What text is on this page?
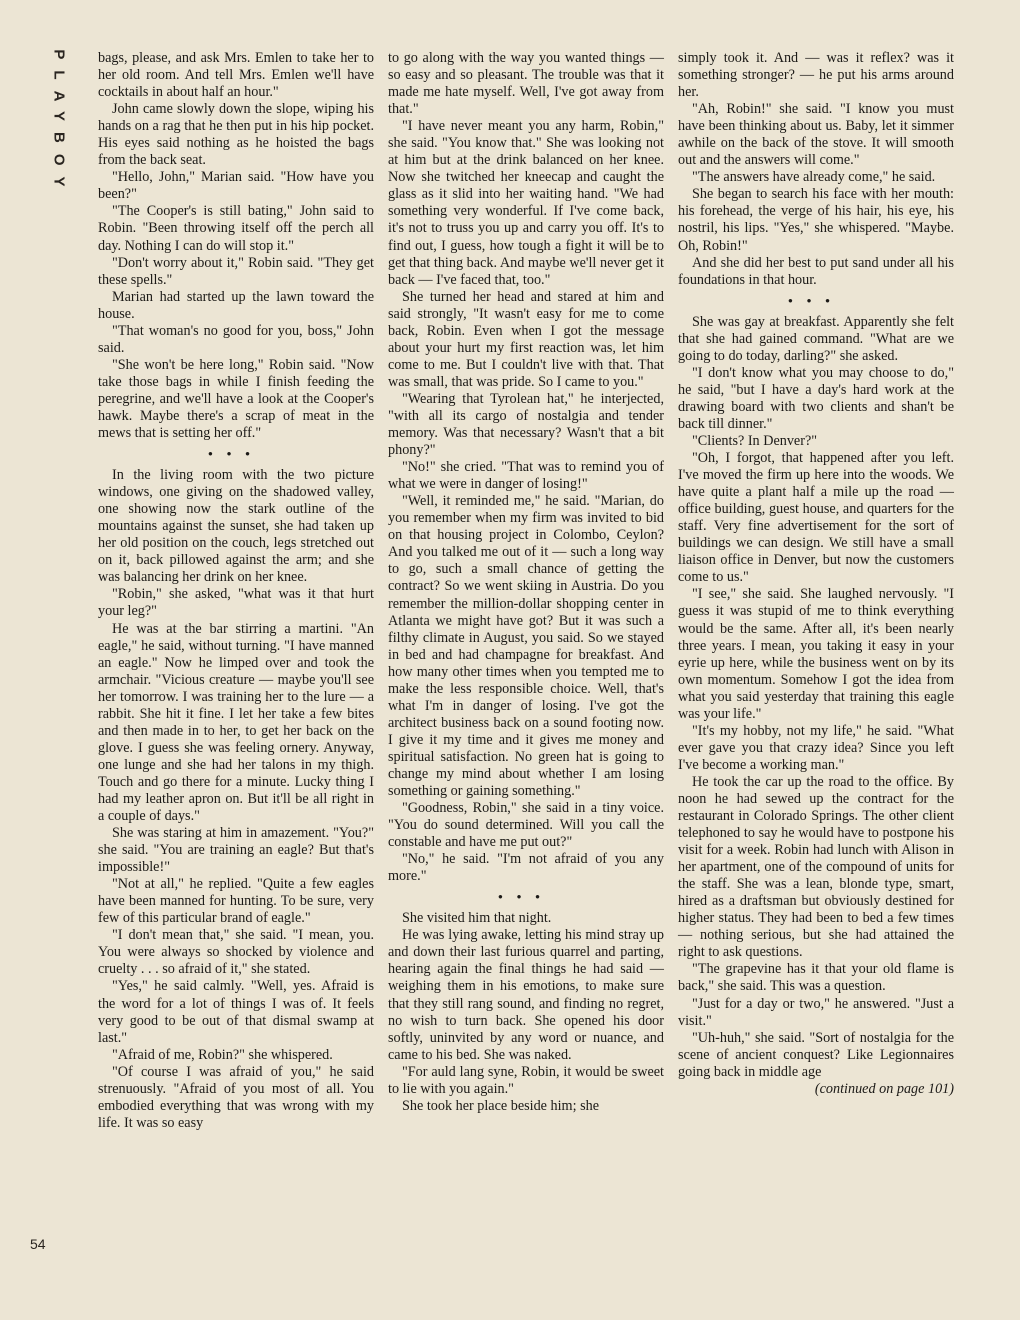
PLAYBOY
54

bags, please, and ask Mrs. Emlen to take her to her old room. And tell Mrs. Emlen we'll have cocktails in about half an hour."

John came slowly down the slope, wiping his hands on a rag that he then put in his hip pocket. His eyes said nothing as he hoisted the bags from the back seat.

"Hello, John," Marian said. "How have you been?"

"The Cooper's is still bating," John said to Robin. "Been throwing itself off the perch all day. Nothing I can do will stop it."

"Don't worry about it," Robin said. "They get these spells."

Marian had started up the lawn toward the house.

"That woman's no good for you, boss," John said.

"She won't be here long," Robin said. "Now take those bags in while I finish feeding the peregrine, and we'll have a look at the Cooper's hawk. Maybe there's a scrap of meat in the mews that is setting her off."

•••

In the living room with the two picture windows, one giving on the shadowed valley, one showing now the stark outline of the mountains against the sunset, she had taken up her old position on the couch, legs stretched out on it, back pillowed against the arm; and she was balancing her drink on her knee.

"Robin," she asked, "what was it that hurt your leg?"

He was at the bar stirring a martini. "An eagle," he said, without turning. "I have manned an eagle." Now he limped over and took the armchair. "Vicious creature — maybe you'll see her tomorrow. I was training her to the lure — a rabbit. She hit it fine. I let her take a few bites and then made in to her, to get her back on the glove. I guess she was feeling ornery. Anyway, one lunge and she had her talons in my thigh. Touch and go there for a minute. Lucky thing I had my leather apron on. But it'll be all right in a couple of days."

She was staring at him in amazement. "You?" she said. "You are training an eagle? But that's impossible!"

"Not at all," he replied. "Quite a few eagles have been manned for hunting. To be sure, very few of this particular brand of eagle."

"I don't mean that," she said. "I mean, you. You were always so shocked by violence and cruelty . . . so afraid of it," she stated.

"Yes," he said calmly. "Well, yes. Afraid is the word for a lot of things I was of. It feels very good to be out of that dismal swamp at last."

"Afraid of me, Robin?" she whispered.

"Of course I was afraid of you," he said strenuously. "Afraid of you most of all. You embodied everything that was wrong with my life. It was so easy

to go along with the way you wanted things — so easy and so pleasant. The trouble was that it made me hate myself. Well, I've got away from that."

"I have never meant you any harm, Robin," she said. "You know that." She was looking not at him but at the drink balanced on her knee. Now she twitched her kneecap and caught the glass as it slid into her waiting hand. "We had something very wonderful. If I've come back, it's not to truss you up and carry you off. It's to find out, I guess, how tough a fight it will be to get that thing back. And maybe we'll never get it back — I've faced that, too."

She turned her head and stared at him and said strongly, "It wasn't easy for me to come back, Robin. Even when I got the message about your hurt my first reaction was, let him come to me. But I couldn't live with that. That was small, that was pride. So I came to you."

"Wearing that Tyrolean hat," he interjected, "with all its cargo of nostalgia and tender memory. Was that necessary? Wasn't that a bit phony?"

"No!" she cried. "That was to remind you of what we were in danger of losing!"

"Well, it reminded me," he said. "Marian, do you remember when my firm was invited to bid on that housing project in Colombo, Ceylon? And you talked me out of it — such a long way to go, such a small chance of getting the contract? So we went skiing in Austria. Do you remember the million-dollar shopping center in Atlanta we might have got? But it was such a filthy climate in August, you said. So we stayed in bed and had champagne for breakfast. And how many other times when you tempted me to make the less responsible choice. Well, that's what I'm in danger of losing. I've got the architect business back on a sound footing now. I give it my time and it gives me money and spiritual satisfaction. No green hat is going to change my mind about whether I am losing something or gaining something."

"Goodness, Robin," she said in a tiny voice. "You do sound determined. Will you call the constable and have me put out?"

"No," he said. "I'm not afraid of you any more."

•••

She visited him that night.

He was lying awake, letting his mind stray up and down their last furious quarrel and parting, hearing again the final things he had said — weighing them in his emotions, to make sure that they still rang sound, and finding no regret, no wish to turn back. She opened his door softly, uninvited by any word or nuance, and came to his bed. She was naked.

"For auld lang syne, Robin, it would be sweet to lie with you again."

She took her place beside him; she

simply took it. And — was it reflex? was it something stronger? — he put his arms around her.

"Ah, Robin!" she said. "I know you must have been thinking about us. Baby, let it simmer awhile on the back of the stove. It will smooth out and the answers will come."

"The answers have already come," he said.

She began to search his face with her mouth: his forehead, the verge of his hair, his eye, his nostril, his lips. "Yes," she whispered. "Maybe. Oh, Robin!"

And she did her best to put sand under all his foundations in that hour.

•••

She was gay at breakfast. Apparently she felt that she had gained command. "What are we going to do today, darling?" she asked.

"I don't know what you may choose to do," he said, "but I have a day's hard work at the drawing board with two clients and shan't be back till dinner."

"Clients? In Denver?"

"Oh, I forgot, that happened after you left. I've moved the firm up here into the woods. We have quite a plant half a mile up the road — office building, guest house, and quarters for the staff. Very fine advertisement for the sort of buildings we can design. We still have a small liaison office in Denver, but now the customers come to us."

"I see," she said. She laughed nervously. "I guess it was stupid of me to think everything would be the same. After all, it's been nearly three years. I mean, you taking it easy in your eyrie up here, while the business went on by its own momentum. Somehow I got the idea from what you said yesterday that training this eagle was your life."

"It's my hobby, not my life," he said. "What ever gave you that crazy idea? Since you left I've become a working man."

He took the car up the road to the office. By noon he had sewed up the contract for the restaurant in Colorado Springs. The other client telephoned to say he would have to postpone his visit for a week. Robin had lunch with Alison in her apartment, one of the compound of units for the staff. She was a lean, blonde type, smart, hired as a draftsman but obviously destined for higher status. They had been to bed a few times — nothing serious, but she had attained the right to ask questions.

"The grapevine has it that your old flame is back," she said. This was a question.

"Just for a day or two," he answered. "Just a visit."

"Uh-huh," she said. "Sort of nostalgia for the scene of ancient conquest? Like Legionnaires going back in middle age

(continued on page 101)
